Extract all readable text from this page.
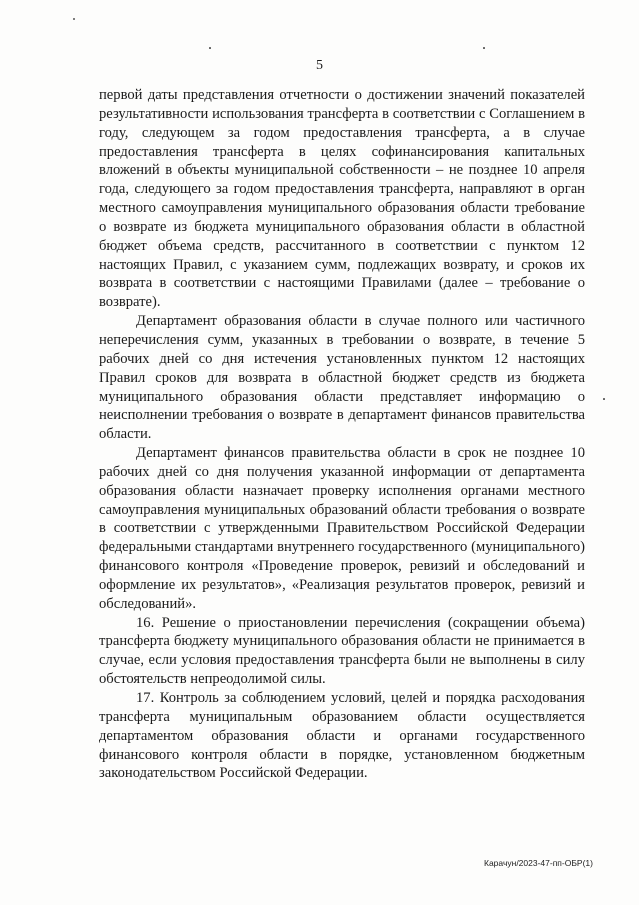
5

первой даты представления отчетности о достижении значений показателей результативности использования трансферта в соответствии с Соглашением в году, следующем за годом предоставления трансферта, а в случае предоставления трансферта в целях софинансирования капитальных вложений в объекты муниципальной собственности – не позднее 10 апреля года, следующего за годом предоставления трансферта, направляют в орган местного самоуправления муниципального образования области требование о возврате из бюджета муниципального образования области в областной бюджет объема средств, рассчитанного в соответствии с пунктом 12 настоящих Правил, с указанием сумм, подлежащих возврату, и сроков их возврата в соответствии с настоящими Правилами (далее – требование о возврате).

Департамент образования области в случае полного или частичного неперечисления сумм, указанных в требовании о возврате, в течение 5 рабочих дней со дня истечения установленных пунктом 12 настоящих Правил сроков для возврата в областной бюджет средств из бюджета муниципального образования области представляет информацию о неисполнении требования о возврате в департамент финансов правительства области.

Департамент финансов правительства области в срок не позднее 10 рабочих дней со дня получения указанной информации от департамента образования области назначает проверку исполнения органами местного самоуправления муниципальных образований области требования о возврате в соответствии с утвержденными Правительством Российской Федерации федеральными стандартами внутреннего государственного (муниципального) финансового контроля «Проведение проверок, ревизий и обследований и оформление их результатов», «Реализация результатов проверок, ревизий и обследований».

16. Решение о приостановлении перечисления (сокращении объема) трансферта бюджету муниципального образования области не принимается в случае, если условия предоставления трансферта были не выполнены в силу обстоятельств непреодолимой силы.

17. Контроль за соблюдением условий, целей и порядка расходования трансферта муниципальным образованием области осуществляется департаментом образования области и органами государственного финансового контроля области в порядке, установленном бюджетным законодательством Российской Федерации.

Карачун/2023-47-пп-ОБР(1)
